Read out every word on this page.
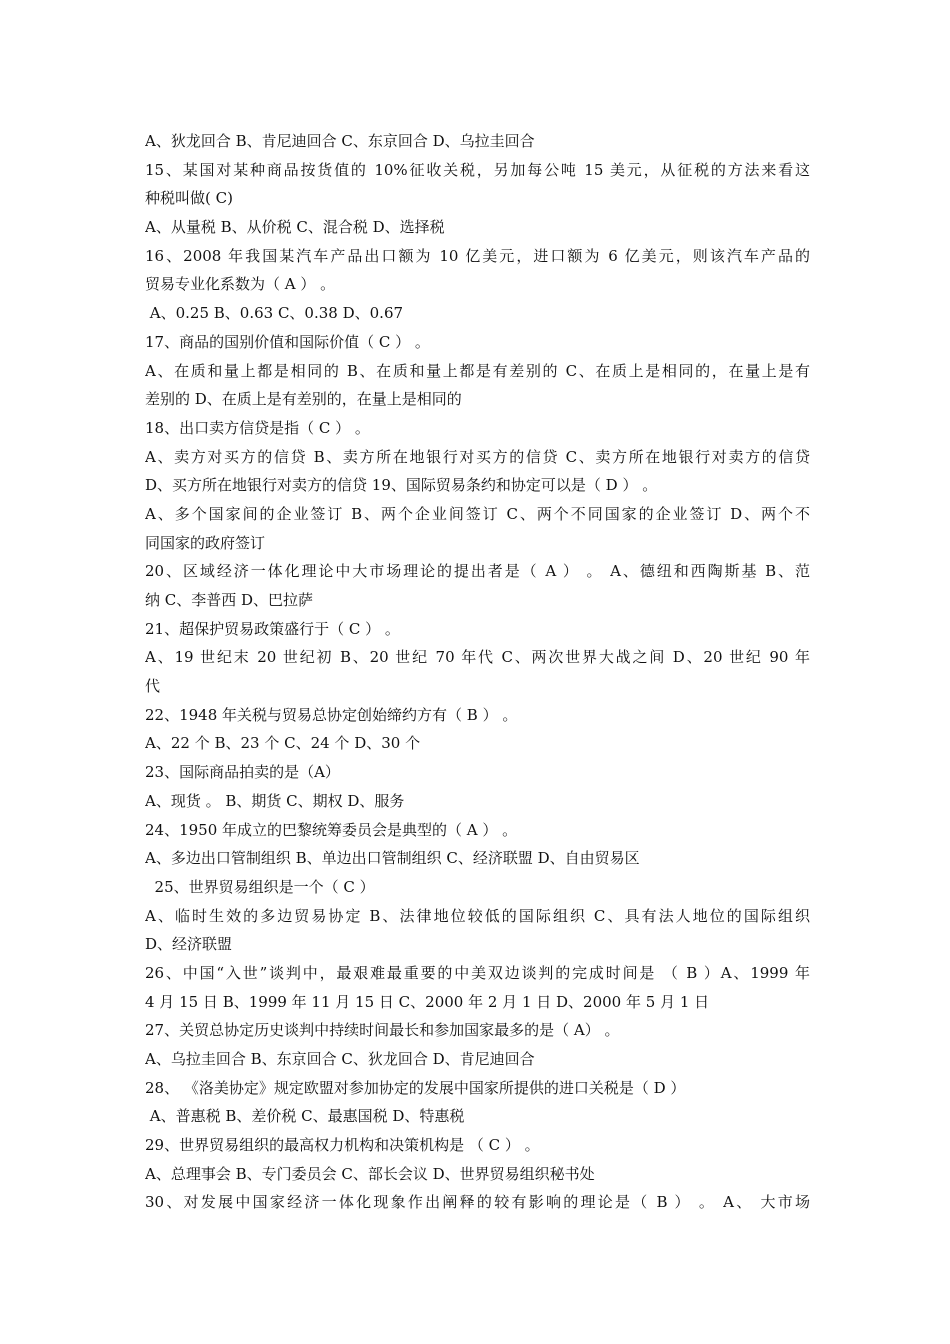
A、狄龙回合 B、肯尼迪回合 C、东京回合 D、乌拉圭回合
15、某国对某种商品按货值的 10%征收关税，另加每公吨 15 美元，从征税的方法来看这
种税叫做( C)
A、从量税 B、从价税 C、混合税 D、选择税
16、2008 年我国某汽车产品出口额为 10 亿美元，进口额为 6 亿美元，则该汽车产品的
贸易专业化系数为（ A ） 。
A、0.25 B、0.63 C、0.38 D、0.67
17、商品的国别价值和国际价值（ C ） 。
A、在质和量上都是相同的 B、在质和量上都是有差别的 C、在质上是相同的，在量上是有
差别的 D、在质上是有差别的，在量上是相同的
18、出口卖方信贷是指（ C ） 。
A、卖方对买方的信贷 B、卖方所在地银行对买方的信贷 C、卖方所在地银行对卖方的信贷
D、买方所在地银行对卖方的信贷 19、国际贸易条约和协定可以是（ D ） 。
A、多个国家间的企业签订 B、两个企业间签订 C、两个不同国家的企业签订 D、两个不
同国家的政府签订
20、区域经济一体化理论中大市场理论的提出者是（ A ） 。 A、德纽和西陶斯基 B、范
纳 C、李普西 D、巴拉萨
21、超保护贸易政策盛行于（ C ） 。
A、19 世纪末 20 世纪初 B、20 世纪 70 年代 C、两次世界大战之间 D、20 世纪 90 年
代
22、1948 年关税与贸易总协定创始缔约方有（ B ） 。
A、22 个 B、23 个 C、24 个 D、30 个
23、国际商品拍卖的是（A）
A、现货 。 B、期货 C、期权 D、服务
24、1950 年成立的巴黎统筹委员会是典型的（ A ） 。
A、多边出口管制组织 B、单边出口管制组织 C、经济联盟 D、自由贸易区
25、世界贸易组织是一个（ C ）
A、临时生效的多边贸易协定 B、法律地位较低的国际组织 C、具有法人地位的国际组织
D、经济联盟
26、中国“入世”谈判中，最艰难最重要的中美双边谈判的完成时间是 （ B ）A、1999 年
4 月 15 日 B、1999 年 11 月 15 日 C、2000 年 2 月 1 日 D、2000 年 5 月 1 日
27、关贸总协定历史谈判中持续时间最长和参加国家最多的是（ A） 。
A、乌拉圭回合 B、东京回合 C、狄龙回合 D、肯尼迪回合
28、 《洛美协定》规定欧盟对参加协定的发展中国家所提供的进口关税是（ D ）
A、普惠税 B、差价税 C、最惠国税 D、特惠税
29、世界贸易组织的最高权力机构和决策机构是 （ C ） 。
A、总理事会 B、专门委员会 C、部长会议 D、世界贸易组织秘书处
30、对发展中国家经济一体化现象作出阐释的较有影响的理论是（ B ） 。 A、 大市场
